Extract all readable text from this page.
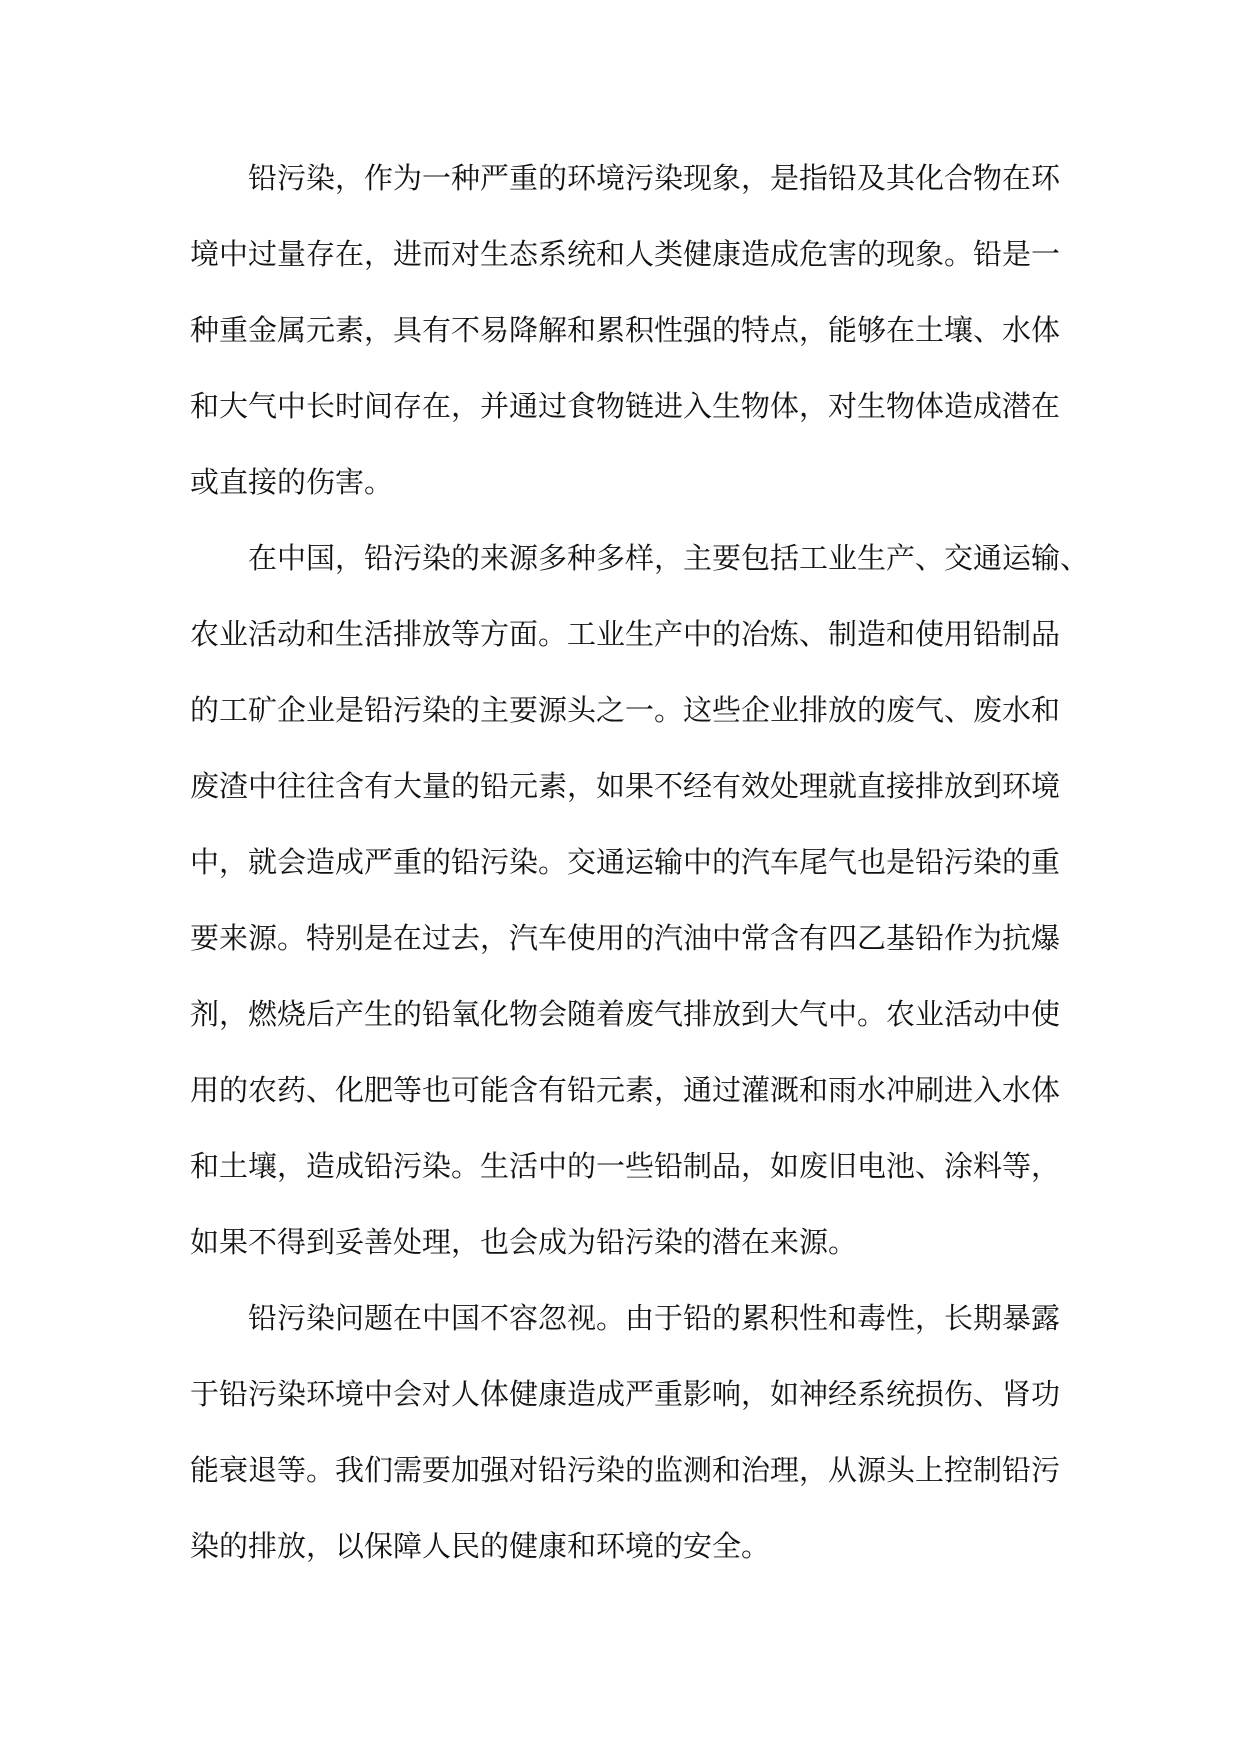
铅污染，作为一种严重的环境污染现象，是指铅及其化合物在环
境中过量存在，进而对生态系统和人类健康造成危害的现象。铅是一
种重金属元素，具有不易降解和累积性强的特点，能够在土壤、水体
和大气中长时间存在，并通过食物链进入生物体，对生物体造成潜在
或直接的伤害。
在中国，铅污染的来源多种多样，主要包括工业生产、交通运输、
农业活动和生活排放等方面。工业生产中的冶炼、制造和使用铅制品
的工矿企业是铅污染的主要源头之一。这些企业排放的废气、废水和
废渣中往往含有大量的铅元素，如果不经有效处理就直接排放到环境
中，就会造成严重的铅污染。交通运输中的汽车尾气也是铅污染的重
要来源。特别是在过去，汽车使用的汽油中常含有四乙基铅作为抗爆
剂，燃烧后产生的铅氧化物会随着废气排放到大气中。农业活动中使
用的农药、化肥等也可能含有铅元素，通过灌溉和雨水冲刷进入水体
和土壤，造成铅污染。生活中的一些铅制品，如废旧电池、涂料等，
如果不得到妥善处理，也会成为铅污染的潜在来源。
铅污染问题在中国不容忽视。由于铅的累积性和毒性，长期暴露
于铅污染环境中会对人体健康造成严重影响，如神经系统损伤、肾功
能衰退等。我们需要加强对铅污染的监测和治理，从源头上控制铅污
染的排放，以保障人民的健康和环境的安全。
